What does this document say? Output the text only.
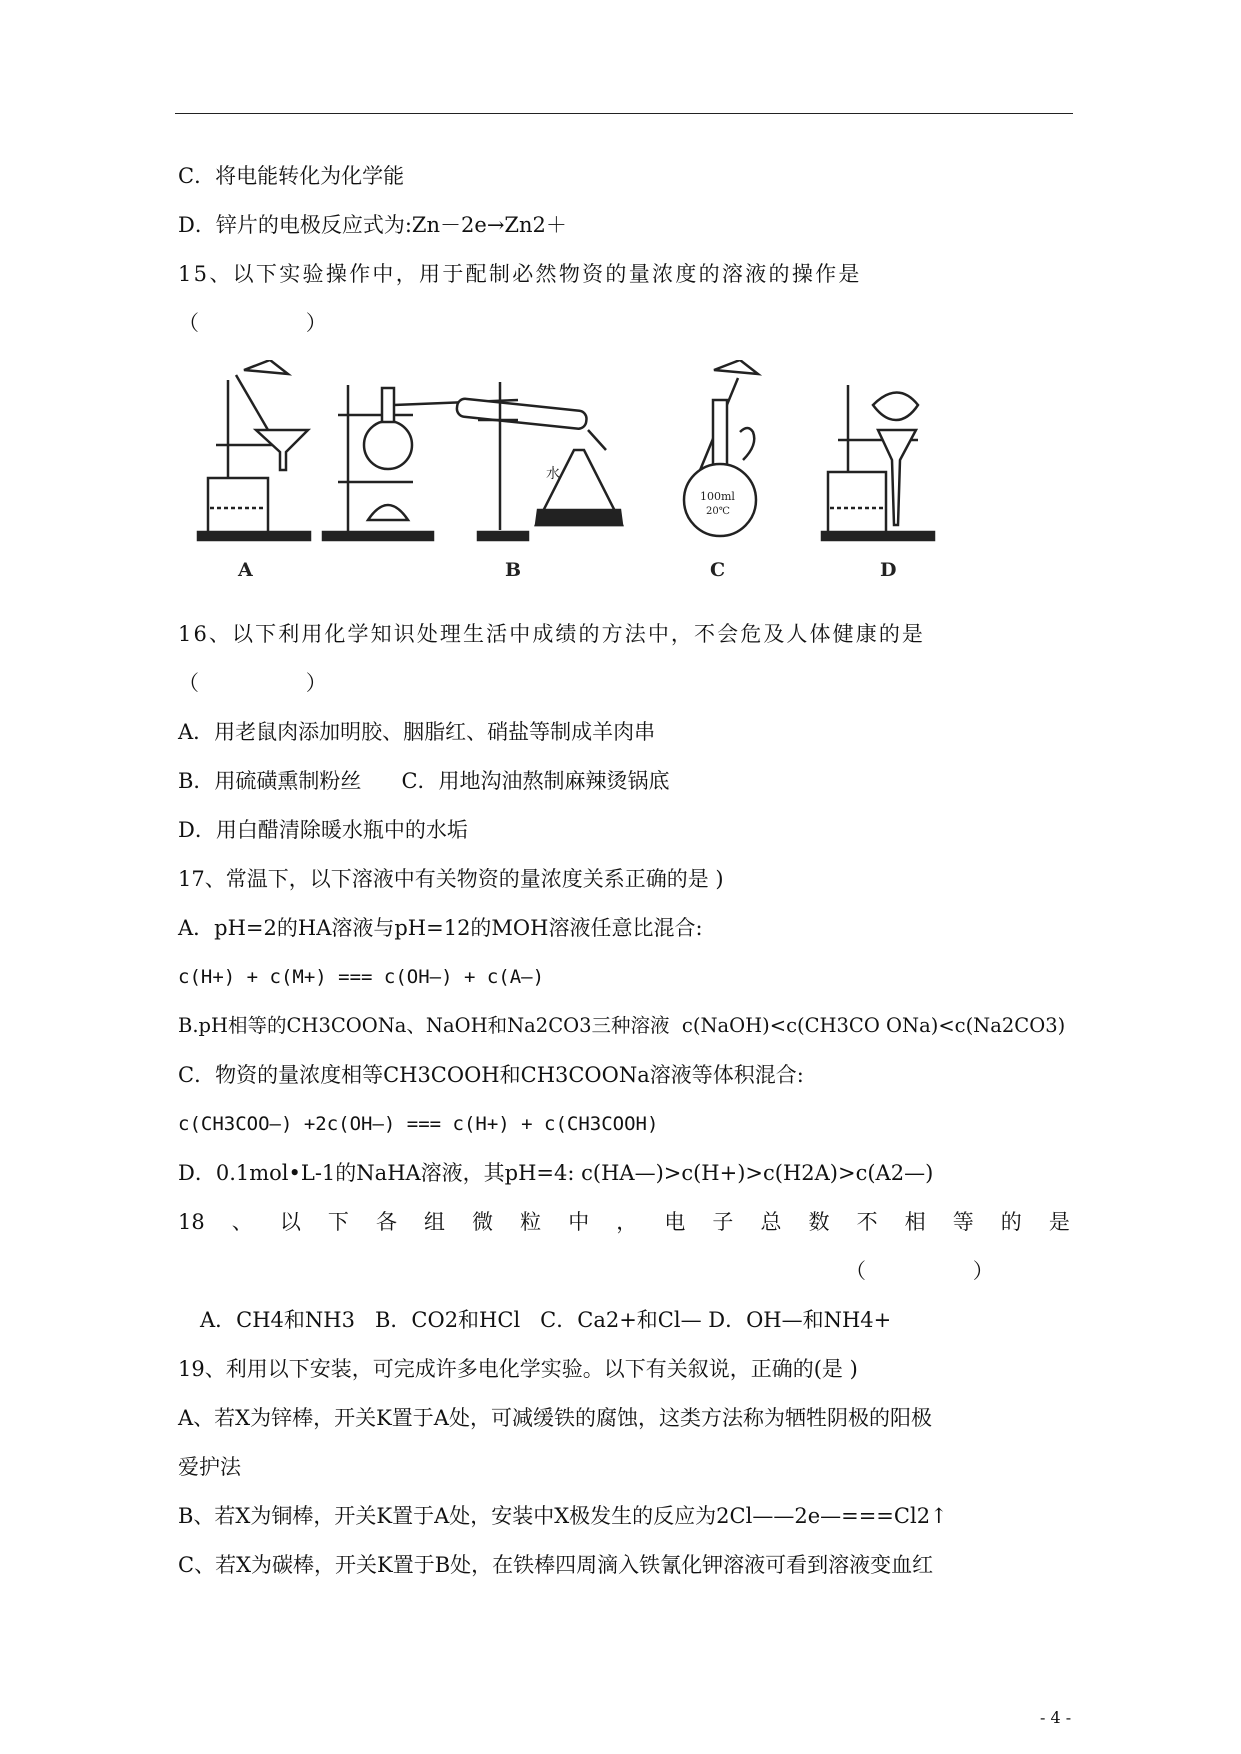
C．将电能转化为化学能
D．锌片的电极反应式为:Zn－2e→Zn2＋
15、以下实验操作中，用于配制必然物资的量浓度的溶液的操作是
（                ）
A
水
B
100ml
20℃
C	D
16、以下利用化学知识处理生活中成绩的方法中，不会危及人体健康的是
（                ）
A．用老鼠肉添加明胶、胭脂红、硝盐等制成羊肉串
B．用硫磺熏制粉丝      C．用地沟油熬制麻辣烫锅底
D．用白醋清除暖水瓶中的水垢
17、常温下，以下溶液中有关物资的量浓度关系正确的是 )
A．pH=2的HA溶液与pH=12的MOH溶液任意比混合:
c(H+) + c(M+) === c(OH—) + c(A—)
B.pH相等的CH3COONa、NaOH和Na2CO3三种溶液  c(NaOH)<c(CH3CO ONa)<c(Na2CO3)
C．物资的量浓度相等CH3COOH和CH3COONa溶液等体积混合:
c(CH3COO—) +2c(OH—) === c(H+) + c(CH3COOH)
D．0.1mol•L-1的NaHA溶液，其pH=4: c(HA—)>c(H+)>c(H2A)>c(A2—)
18 、 以 下 各 组 微 粒 中 ， 电 子 总 数 不 相 等 的 是
（                ）
A．CH4和NH3   B．CO2和HCl   C．Ca2+和Cl— D．OH—和NH4+
19、利用以下安装，可完成许多电化学实验。以下有关叙说，正确的(是 )
A、若X为锌棒，开关K置于A处，可减缓铁的腐蚀，这类方法称为牺牲阴极的阳极
爱护法
B、若X为铜棒，开关K置于A处，安装中X极发生的反应为2Cl——2e—===Cl2↑
C、若X为碳棒，开关K置于B处，在铁棒四周滴入铁氰化钾溶液可看到溶液变血红
- 4 -
